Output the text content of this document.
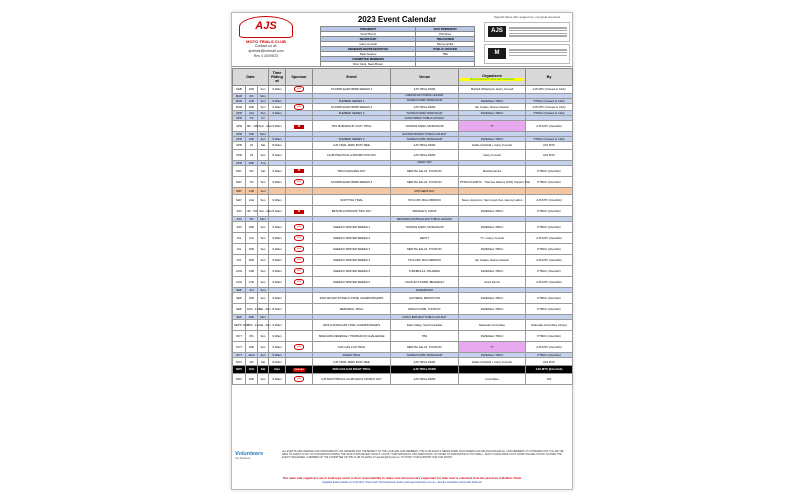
AJS
MOTO TRIALS CLUB
Contact us at:
ajstrials@hotmail.com
Rev 4 30/09/23
2023 Event Calendar
PRESIDENT	VICE PRESIDENT
Scott Plouvil	Phil Rose
SECRETARY	TREASURER
Garry Connell	Benny Aprilia
MEMBERS REPRESENTATIVE	PUBLIC OFFICER
Peter Hearne	TBA
COMMITTEE MEMBERS	
Dion Clerk, Sean Brown	
Support those who support us, our great sponsors
AJS
M
Date			Time Riding at	Sponsor	Event	Venue	Organisers
Main Organiser in Bold with Assistants	By
FEB	26th	Sun	9.30am	AJS	SCORPA EARLYBIRD SERIES 1	AJS TRIAL PARK	Mitchell Whitehurst, Garry Connell	AJS MTC (Closed to Club)
MAR	6th	Mon				LABOUR DAY PUBLIC HOLIDAY		
MAR	12th	Sun	9.30am		SUMMER SERIES 1	THOMAS FARM, MORANGUP	PathRiders TMCC	PTMCC (Closed to Club)
MAR	26th	Sun	9.30am	AJS	SCORPA EARLYBIRD SERIES 2	AJS TRIAL PARK	Ian Coates, Darren Newton	AJS MTC (Closed to Club)
APR	2nd	Sun	9.30am		SUMMER SERIES 2	THOMAS FARM, MORANGUP	PathRiders TMCC	PTMCC (Closed to Club)
APR	7th	Fri				GOOD FRIDAY PUBLIC HOLIDAY		
APR	9th - 10th	Sun - Mon	9.30am	M	TRS MORANGUP 2 DAY TRIAL	THOMAS FARM, MORANGUP	??	AJS MTC (Interclub)
APR	10th	Mon				EASTER MONDAY PUBLIC HOLIDAY		
APR	16th	Sun	9.30am		SUMMER SERIES 3	THOMAS FARM, MORANGUP	PathRiders TMCC	PTMCC (Closed to Club)
APR	22	Sat	8.00am		AJS TRIAL PARK BUSY BEE	AJS TRIAL PARK	Eddie Archbold + Garry Connell	AJS MTC
APR	23	Sun	8.30am		CLUB PRACTICE & PROMOTION DAY	AJS TRIAL PARK	Garry Connell	AJS MTC
APR	25th	Tue				ANZAC DAY		
MAY	6th	Sat	9.30am	M	TDM COACHING DAY	MENTAL FALLS, TOODYAY	MotoDynamics	PTMCC (Interclub)
MAY	7th	Sun	9.30am	AJS	SCORPA EARLYBIRD SERIES 3	MENTAL FALLS, TOODYAY	PTMCC/AJSMTC - Trial des Nations (TdN) Support Trial	PTMCC (Interclub)
MAY	14th	Sun				MOTHERS DAY		
MAY	21st	Sun	9.30am		SCOTTISH TRIAL	TAYLORS, BULLSBROOK	Steve Lloyd-Cox, Sam Lloyd-Cox, Jeremy Lafton	AJS MTC (Interclub)
JUN	4th - 5th	Sun - Mon	8.30am	M	BETA BLACKWOOD TWO DAY	WRINGE'S, KIRUP	PathRiders TMCC	PTMCC (Interclub)
JUN	5th	Mon				WESTERN AUSTRALIA DAY PUBLIC HOLIDAY		
JUN	18th	Sun	9.30am	AJS	SHERCO WINTER SERIES 1	THOMAS FARM, MORANGUP	PathRiders TMCC	PTMCC (Interclub)
JUL	2nd	Sun	9.30am	AJS	SHERCO WINTER SERIES 2	HENTY	?? + Garry Connell	AJS MTC (Interclub)
JUL	16th	Sun	9.30am	AJS	SHERCO WINTER SERIES 3	MENTAL FALLS, TOODYAY	PathRiders TMCC	PTMCC (Interclub)
JUL	30th	Sun	9.30am	AJS	SHERCO WINTER SERIES 4	TAYLORS, BULLSBROOK	Ian Coates, Darren Newton	AJS MTC (Interclub)
AUG	13th	Sun	9.30am	AJS	SHERCO WINTER SERIES 5	TURNBULLS, PAUARRA	PathRiders TMCC	PTMCC (Interclub)
AUG	27th	Sun	9.30am	AJS	SHERCO WINTER SERIES 6	CANTLEYS FARM, BEVERLEY	Grant Morris	AJS MTC (Interclub)
SEP	3rd	Sun				FATHERS DAY		
SEP	10th	Sun	9.30am		2023 WA MOTOTRIALS STATE CHAMPIONSHIPS	HAYNERS, BROOKTON	PathRiders TMCC	PTMCC (Interclub)
SEP	16th - 17th	Sat - Sun	8.30am		MEMORIAL TRIAL	MINGO FARM, TOODYAY	PathRiders TMCC	PTMCC (Interclub)
SEP	25th	Mon				KING'S BIRTHDAY PUBLIC HOLIDAY		
SEPT/ OCT	30th - 1st	Sat - Sun	9.30am		2023 AUSTRALIAN TRIAL CHAMPIONSHIPS	Eden Valley, South Australia	Nationals Committee	Nationals Committee (Open)
OCT	8th	Sun	9.30am		SIDECARS REVENGE / TWINSHOCK CHALLENGE	TBA	PathRiders TMCC	PTMCC (Interclub)
OCT	15th	Sun	9.30am	AJS	GAS GAS FUN TRIAL	MENTAL FALLS, TOODYAY	??	AJS MTC (Interclub)
OCT	22nd	Sun	9.30am		ASHES TRIAL	THOMAS FARM, MORANGUP	PathRiders TMCC	PTMCC (Interclub)
NOV	4th	Sat	8.00am		AJS TRIAL PARK BUSY BEE	AJS TRIAL PARK	Eddie Archbold + Garry Connell	AJS MTC
NOV	11th	Sat	2pm	GASGAS	2023 GAS GAS NIGHT TRIAL	AJS TRIAL PARK		AJS MTC (Interclub)
NOV	26th	Sun	9.30am	AJS	AJS MOTOTRIALS CLUB AGM & TROPHY DAY	AJS TRIAL PARK	Committee	N/A
Volunteers
Are Priceless
ALL EVENTS ARE CREATED AND ORGANISED BY VOLUNTEERS FOR THE BENEFIT OF THE CLUB AND OUR MEMBERS. THE CLUB ALWAYS NEEDS MORE VOLUNTEERS AND WE ENCOURAGE ALL OUR MEMBERS TO CONSIDER HOW YOU MAY BE ABLE TO ASSIST IN ANY OF OUR EVENTS DURING THE YEAR IN WHATEVER CAPACITY SUITS YOUR INDIVIDUAL CIRCUMSTANCES. NO OFFER OF ASSISTANCE IS TOO SMALL - MANY HANDS MAKE LIGHT WORK! PLEASE CONTACT EITHER THE EVENT ORGANISER, A MEMBER OF THE COMMITTEE OR THE CLUB VIA EMAIL AT ajstrials@hotmail.com TO SHOW YOUR SUPPORT FOR OUR SPORT.
The main trial organisers are in bold type and it is their responsibility to make sure all necessary equipment for their trial is collected from the previous AJS Moto Trials
Updated Event details on AJS Moto Trials Club WA Facebook and/or www.ajsmototrials.com.au - Entries available online with Riderner
